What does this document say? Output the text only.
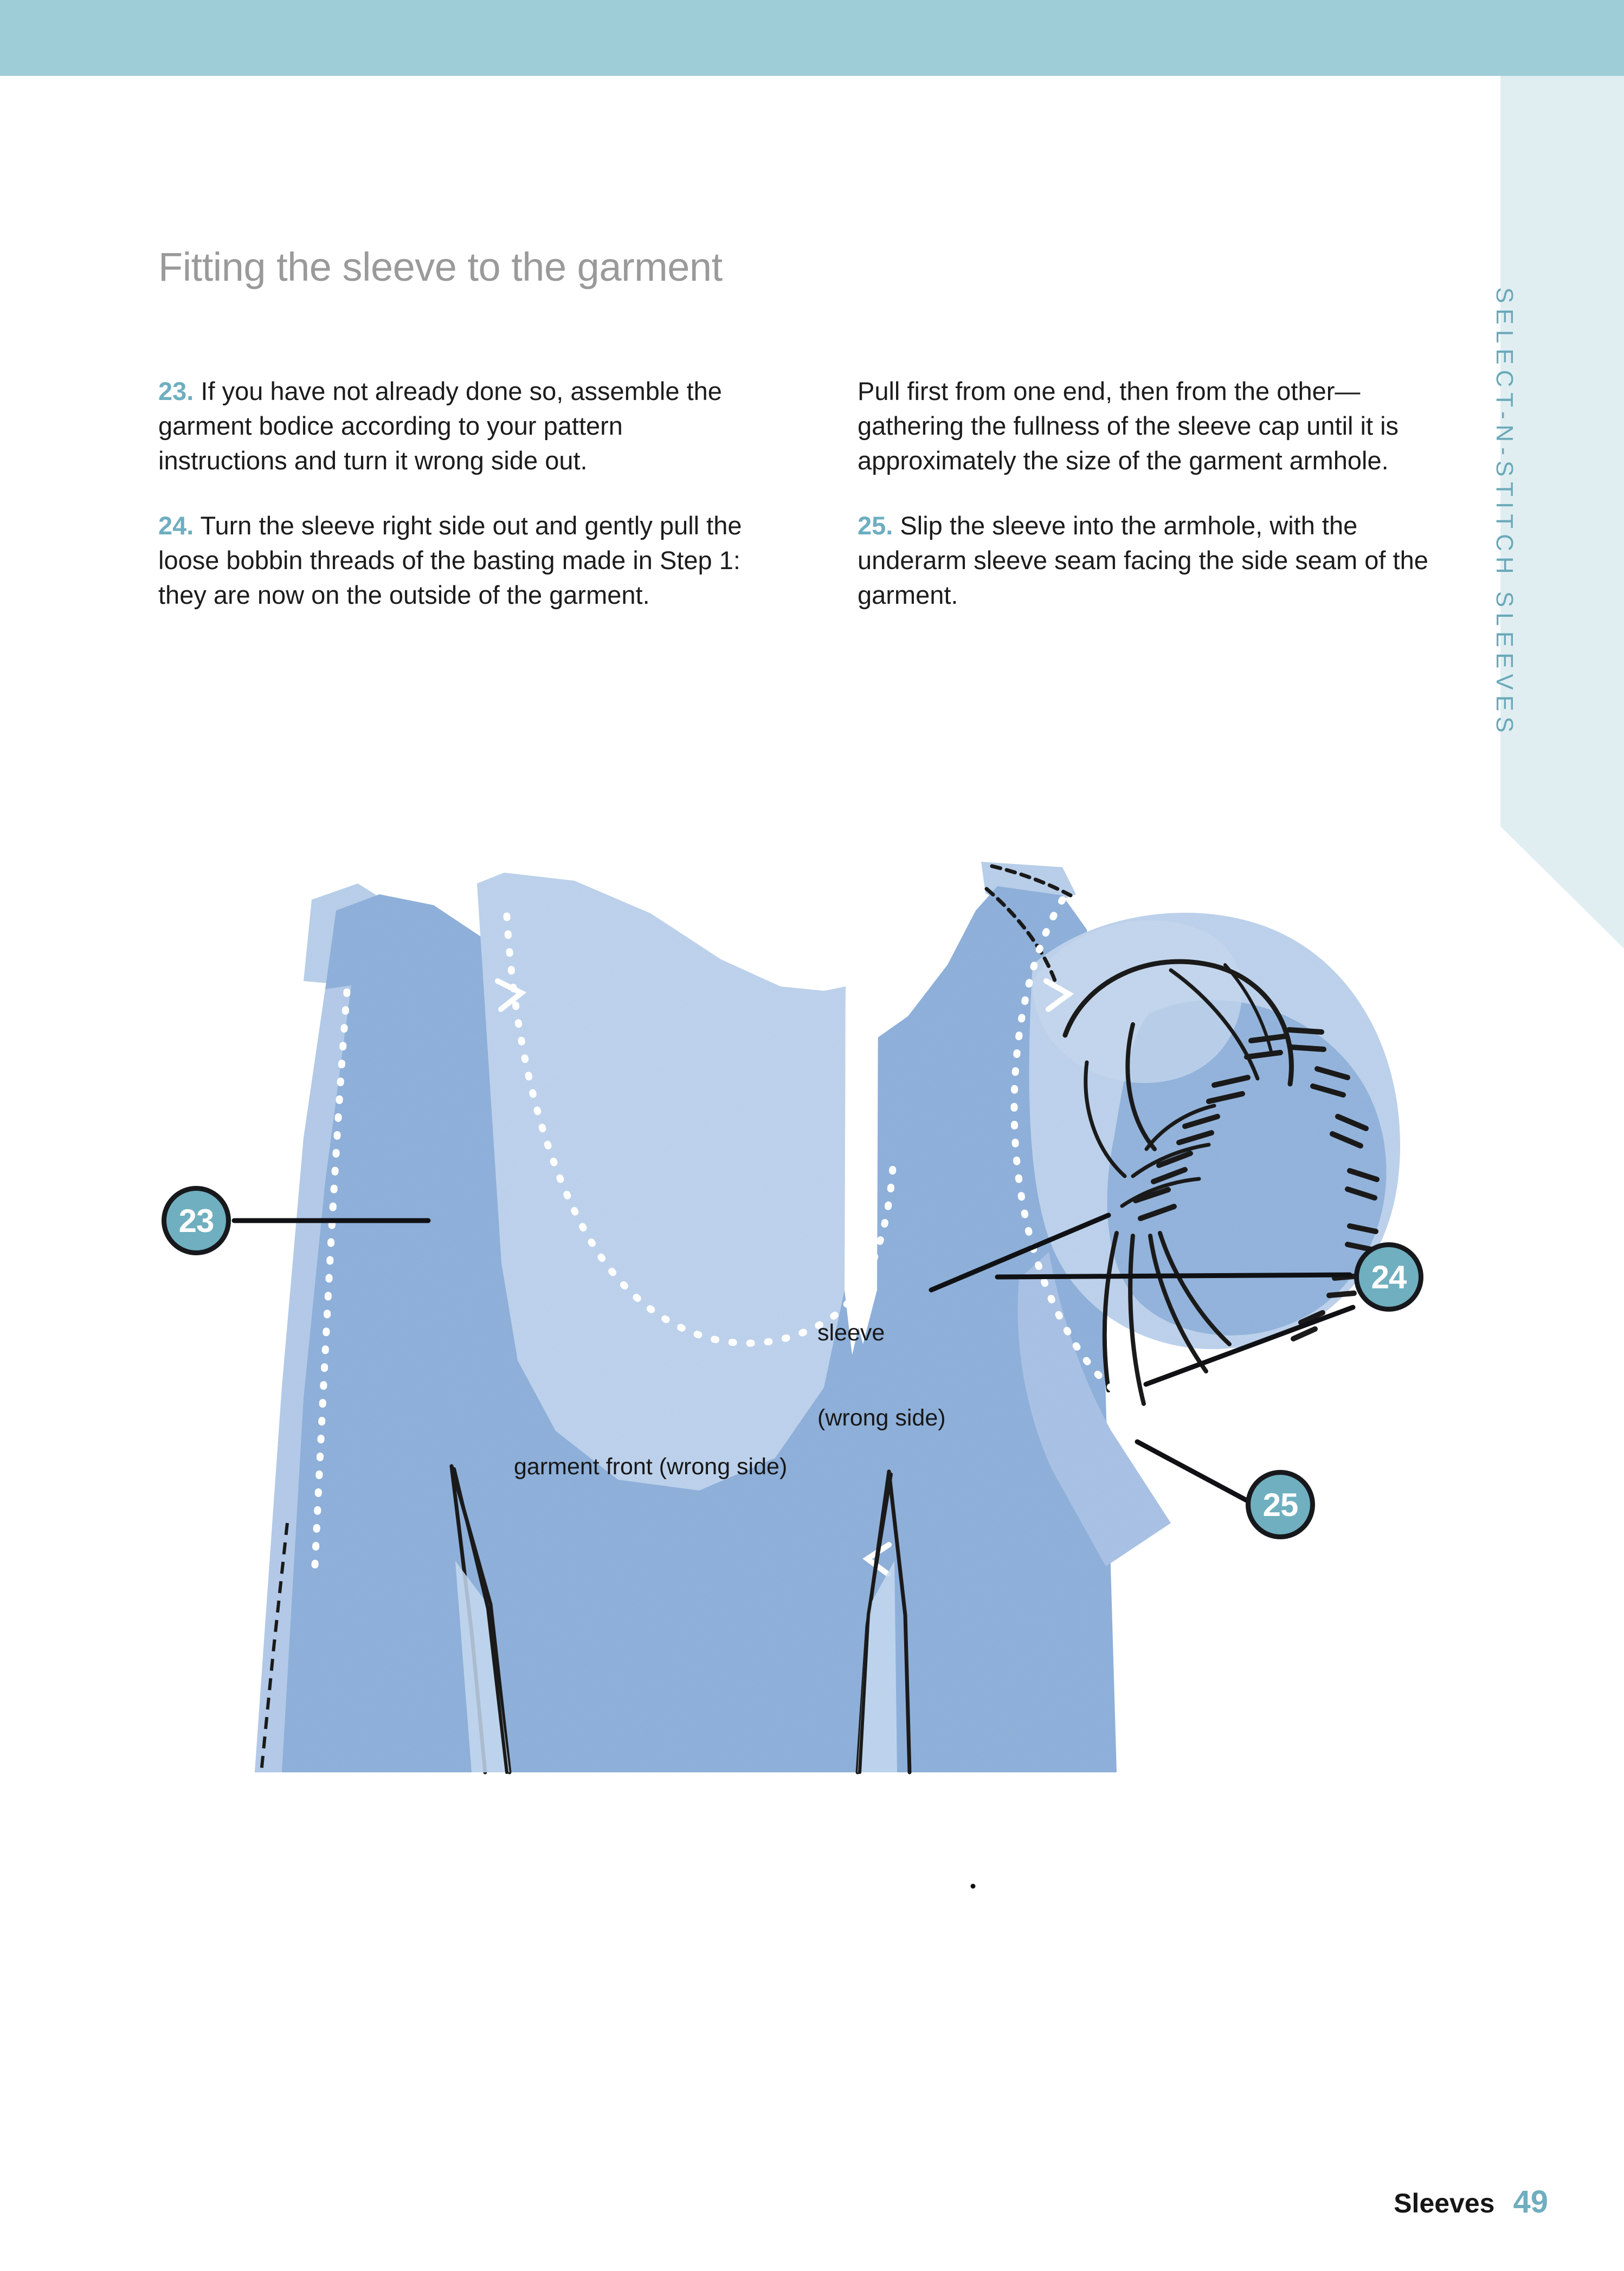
SELECT-N-STITCH SLEEVES
Fitting the sleeve to the garment

23. If you have not already done so, assemble the garment bodice according to your pattern instructions and turn it wrong side out.

24. Turn the sleeve right side out and gently pull the loose bobbin threads of the basting made in Step 1: they are now on the outside of the garment.

Pull first from one end, then from the other—gathering the fullness of the sleeve cap until it is approximately the size of the garment armhole.

25. Slip the sleeve into the armhole, with the underarm sleeve seam facing the side seam of the garment.

sleeve

(wrong side)

garment front (wrong side)
23
24
25
Sleeves 49
